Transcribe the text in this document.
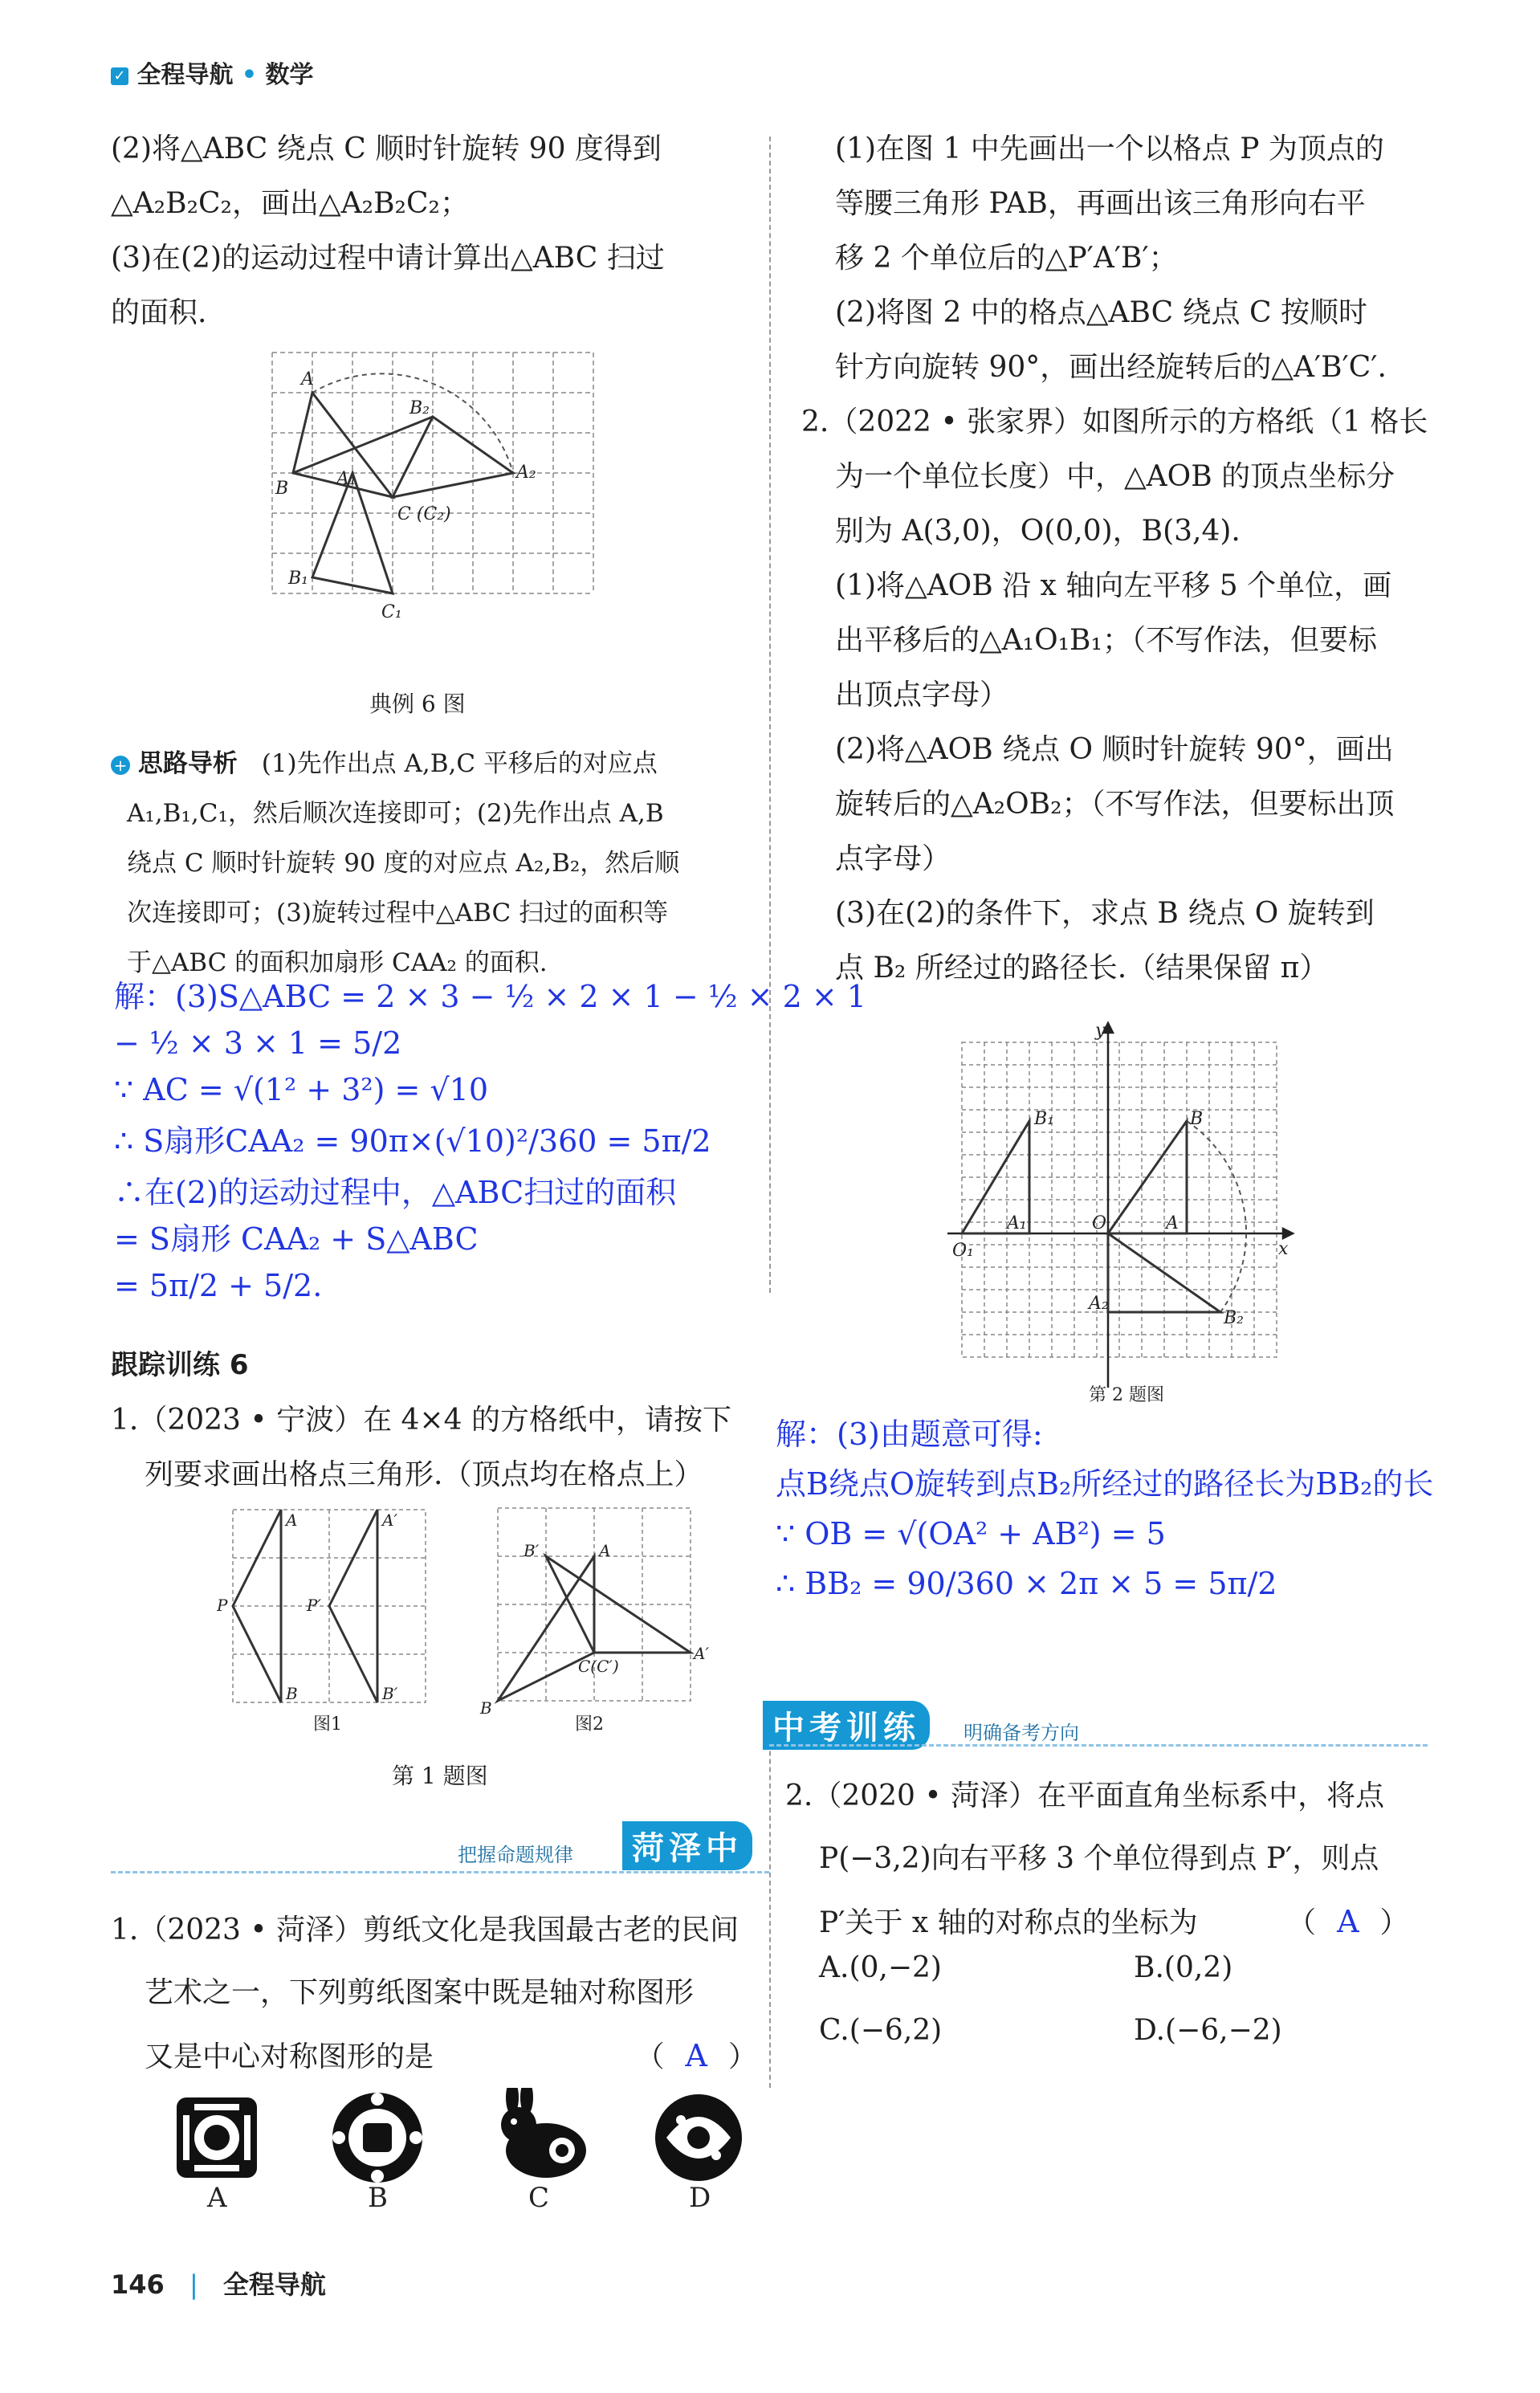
✓ 全程导航 • 数学
(2)将△ABC 绕点 C 顺时针旋转 90 度得到
△A₂B₂C₂，画出△A₂B₂C₂；
(3)在(2)的运动过程中请计算出△ABC 扫过
的面积.
A
B₂
A₂
B	A₁
C (C₂)
B₁
C₁
典例 6 图
+ 思路导析 (1)先作出点 A,B,C 平移后的对应点
A₁,B₁,C₁，然后顺次连接即可；(2)先作出点 A,B
绕点 C 顺时针旋转 90 度的对应点 A₂,B₂，然后顺
次连接即可；(3)旋转过程中△ABC 扫过的面积等
于△ABC 的面积加扇形 CAA₂ 的面积.
解：(3)S△ABC = 2 × 3 − ½ × 2 × 1 − ½ × 2 × 1
− ½ × 3 × 1 = 5/2
∵ AC = √(1² + 3²) = √10
∴ S扇形CAA₂ = 90π×(√10)²/360 = 5π/2
∴在(2)的运动过程中，△ABC扫过的面积
= S扇形 CAA₂ + S△ABC
= 5π/2 + 5/2.
跟踪训练 6
1.（2023 • 宁波）在 4×4 的方格纸中，请按下
列要求画出格点三角形.（顶点均在格点上）
A	A′
P	P′
B	B′
图1
B′	A
A′
C(C′)
B
图2
第 1 题图
把握命题规律	菏泽中
1.（2023 • 菏泽）剪纸文化是我国最古老的民间
艺术之一，下列剪纸图案中既是轴对称图形
又是中心对称图形的是	（ A ）
A	B	C	D
(1)在图 1 中先画出一个以格点 P 为顶点的
等腰三角形 PAB，再画出该三角形向右平
移 2 个单位后的△P′A′B′；
(2)将图 2 中的格点△ABC 绕点 C 按顺时
针方向旋转 90°，画出经旋转后的△A′B′C′.
2.（2022 • 张家界）如图所示的方格纸（1 格长
为一个单位长度）中，△AOB 的顶点坐标分
别为 A(3,0)，O(0,0)，B(3,4).
(1)将△AOB 沿 x 轴向左平移 5 个单位，画
出平移后的△A₁O₁B₁；（不写作法，但要标
出顶点字母）
(2)将△AOB 绕点 O 顺时针旋转 90°，画出
旋转后的△A₂OB₂；（不写作法，但要标出顶
点字母）
(3)在(2)的条件下，求点 B 绕点 O 旋转到
点 B₂ 所经过的路径长.（结果保留 π）
y
x
B₁	B
O₁
A₁	O	A
A₂
B₂
第 2 题图
解：(3)由题意可得:
点B绕点O旋转到点B₂所经过的路径长为BB₂的长
∵ OB = √(OA² + AB²) = 5
∴ BB₂ = 90/360 × 2π × 5 = 5π/2
中考训练	明确备考方向
2.（2020 • 菏泽）在平面直角坐标系中，将点
P(−3,2)向右平移 3 个单位得到点 P′，则点
P′关于 x 轴的对称点的坐标为	（ A ）
A.(0,−2)	B.(0,2)
C.(−6,2)	D.(−6,−2)
146 | 全程导航
